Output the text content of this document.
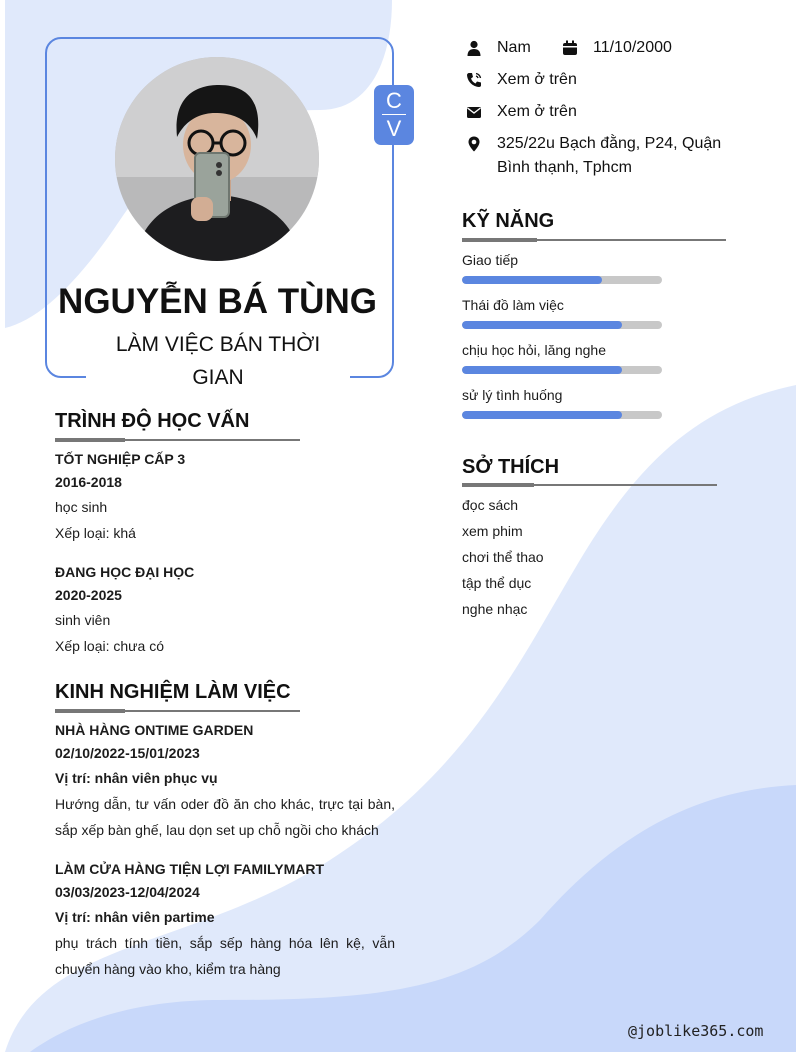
C
V
NGUYỄN BÁ TÙNG
LÀM VIỆC BÁN THỜI GIAN
Nam	11/10/2000
Xem ở trên
Xem ở trên
325/22u Bạch đằng, P24, Quận Bình thạnh, Tphcm
KỸ NĂNG
Giao tiếp
Thái đồ làm việc
chịu học hỏi, lăng nghe
sử lý tình huống
SỞ THÍCH
đọc sách
xem phim
chơi thể thao
tập thể dục
nghe nhạc
TRÌNH ĐỘ HỌC VẤN
TỐT NGHIỆP CẤP 3
2016-2018
học sinh
Xếp loại: khá
ĐANG HỌC ĐẠI HỌC
2020-2025
sinh viên
Xếp loại: chưa có
KINH NGHIỆM LÀM VIỆC
NHÀ HÀNG ONTIME GARDEN
02/10/2022-15/01/2023
Vị trí: nhân viên phục vụ
Hướng dẫn, tư vấn oder đồ ăn cho khác, trực tại bàn, sắp xếp bàn ghế, lau dọn set up chỗ ngồi cho khách
LÀM CỬA HÀNG TIỆN LỢI FAMILYMART
03/03/2023-12/04/2024
Vị trí: nhân viên partime
phụ trách tính tiền, sắp sếp hàng hóa lên kệ, vẫn chuyển hàng vào kho, kiểm tra hàng
@joblike365.com
